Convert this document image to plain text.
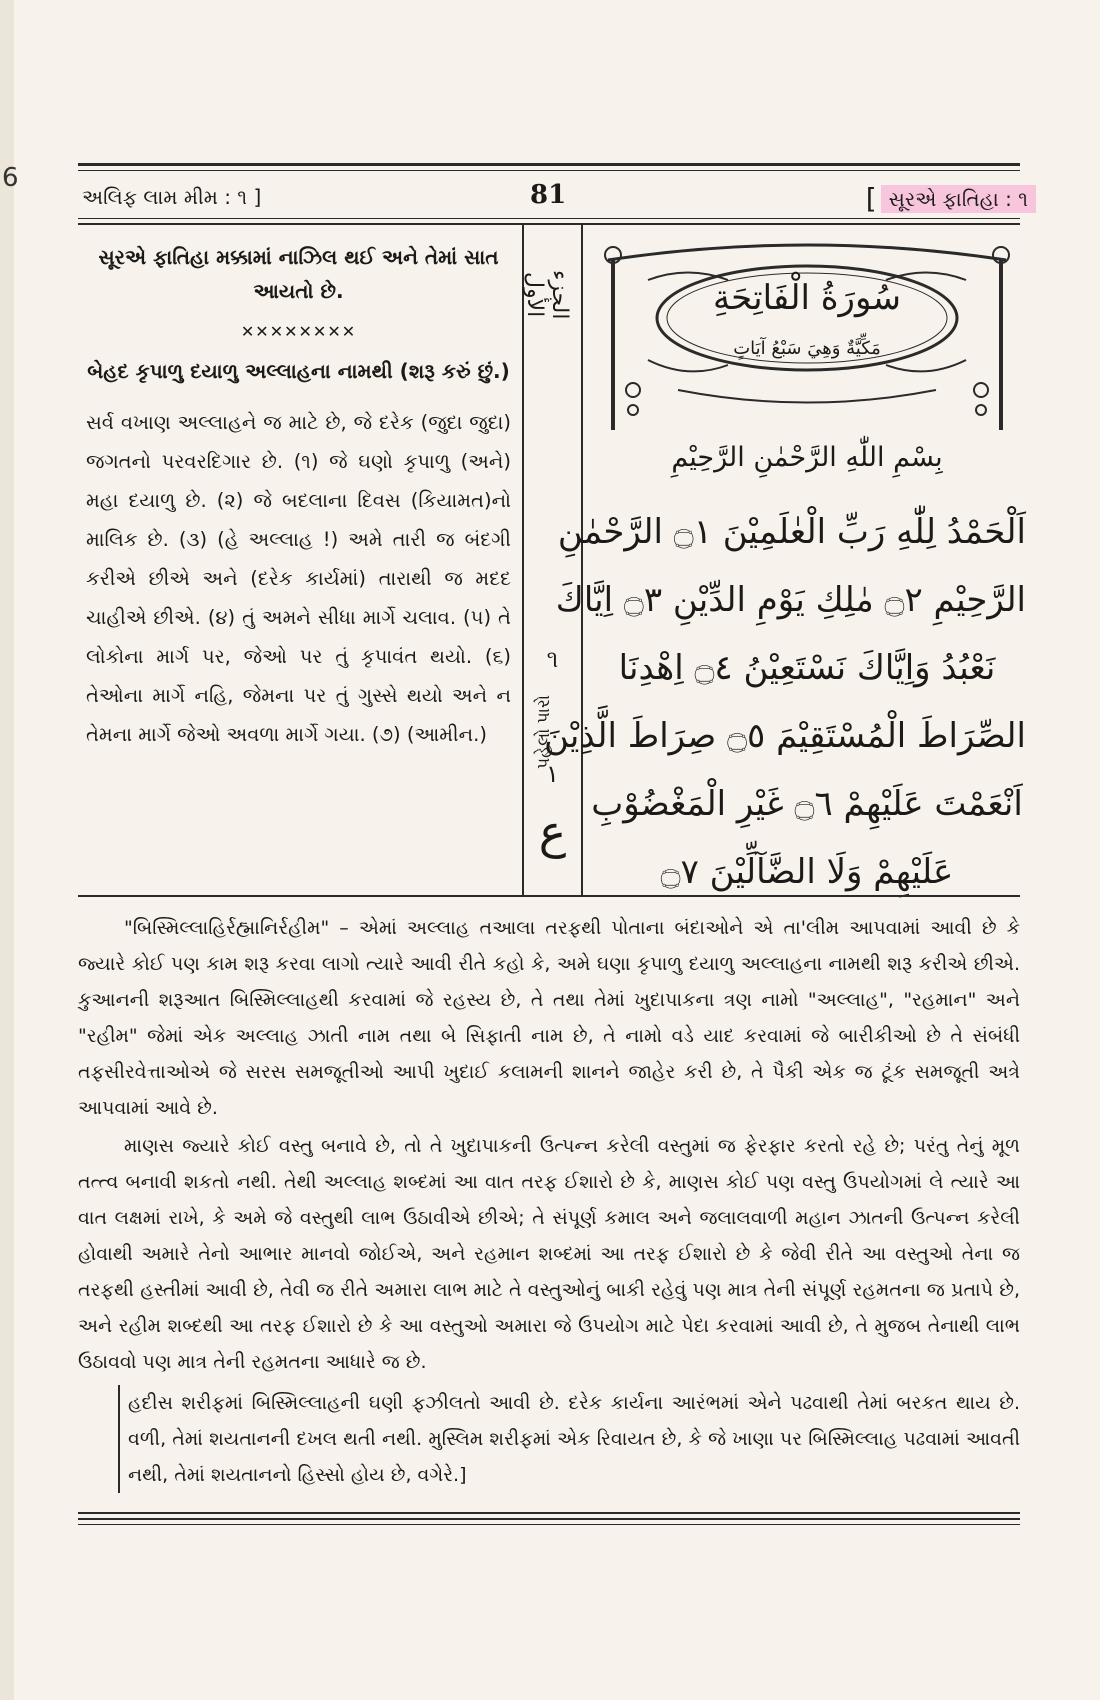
6
અલિફ લામ મીમ : ૧ ]	81	[ સૂરએ ફાતિહા : ૧
સૂરએ ફાતિહા મક્કામાં નાઝિલ થઈ અને તેમાં સાત આયતો છે.
✕✕✕✕✕✕✕✕
બેહદ કૃપાળુ દયાળુ અલ્લાહના નામથી (શરૂ કરું છું.)
સર્વ વખાણ અલ્લાહને જ માટે છે, જે દરેક (જુદા જુદા) જગતનો પરવરદિગાર છે. (૧) જે ઘણો કૃપાળુ (અને) મહા દયાળુ છે. (૨) જે બદલાના દિવસ (કિયામત)નો માલિક છે. (૩) (હે અલ્લાહ !) અમે તારી જ બંદગી કરીએ છીએ અને (દરેક કાર્યમાં) તારાથી જ મદદ ચાહીએ છીએ. (૪) તું અમને સીધા માર્ગે ચલાવ. (૫) તે લોકોના માર્ગ પર, જેઓ પર તું કૃપાવંત થયો. (૬) તેઓના માર્ગે નહિ, જેમના પર તું ગુસ્સે થયો અને ન તેમના માર્ગે જેઓ અવળા માર્ગે ગયા. (૭) (આમીન.)
الجزء الأول
૧
પહેલો પારો
١
ع
سُورَةُ الْفَاتِحَةِ
مَكِّيَّةٌ وَهِيَ سَبْعُ آيَاتٍ
بِسْمِ اللّٰهِ الرَّحْمٰنِ الرَّحِيْمِ
اَلْحَمْدُ لِلّٰهِ رَبِّ الْعٰلَمِيْنَ ۝١ الرَّحْمٰنِ
الرَّحِيْمِ ۝٢ مٰلِكِ يَوْمِ الدِّيْنِ ۝٣ اِيَّاكَ
نَعْبُدُ وَاِيَّاكَ نَسْتَعِيْنُ ۝٤ اِهْدِنَا
الصِّرَاطَ الْمُسْتَقِيْمَ ۝٥ صِرَاطَ الَّذِيْنَ
اَنْعَمْتَ عَلَيْهِمْ ۝٦ غَيْرِ الْمَغْضُوْبِ
عَلَيْهِمْ وَلَا الضَّآلِّيْنَ ۝٧
"બિસ્મિલ્લાહિર્રહ્માનિર્રહીમ" – એમાં અલ્લાહ તઆલા તરફથી પોતાના બંદાઓને એ તા'લીમ આપવામાં આવી છે કે જ્યારે કોઈ પણ કામ શરૂ કરવા લાગો ત્યારે આવી રીતે કહો કે, અમે ઘણા કૃપાળુ દયાળુ અલ્લાહના નામથી શરૂ કરીએ છીએ. કુઆનની શરૂઆત બિસ્મિલ્લાહથી કરવામાં જે રહસ્ય છે, તે તથા તેમાં ખુદાપાકના ત્રણ નામો "અલ્લાહ", "રહમાન" અને "રહીમ" જેમાં એક અલ્લાહ ઝાતી નામ તથા બે સિફાતી નામ છે, તે નામો વડે યાદ કરવામાં જે બારીકીઓ છે તે સંબંધી તફસીરવેત્તાઓએ જે સરસ સમજૂતીઓ આપી ખુદાઈ કલામની શાનને જાહેર કરી છે, તે પૈકી એક જ ટૂંક સમજૂતી અત્રે આપવામાં આવે છે.
માણસ જ્યારે કોઈ વસ્તુ બનાવે છે, તો તે ખુદાપાકની ઉત્પન્ન કરેલી વસ્તુમાં જ ફેરફાર કરતો રહે છે; પરંતુ તેનું મૂળ તત્ત્વ બનાવી શકતો નથી. તેથી અલ્લાહ શબ્દમાં આ વાત તરફ ઈશારો છે કે, માણસ કોઈ પણ વસ્તુ ઉપયોગમાં લે ત્યારે આ વાત લક્ષમાં રાખે, કે અમે જે વસ્તુથી લાભ ઉઠાવીએ છીએ; તે સંપૂર્ણ કમાલ અને જલાલવાળી મહાન ઝાતની ઉત્પન્ન કરેલી હોવાથી અમારે તેનો આભાર માનવો જોઈએ, અને રહમાન શબ્દમાં આ તરફ ઈશારો છે કે જેવી રીતે આ વસ્તુઓ તેના જ તરફથી હસ્તીમાં આવી છે, તેવી જ રીતે અમારા લાભ માટે તે વસ્તુઓનું બાકી રહેવું પણ માત્ર તેની સંપૂર્ણ રહમતના જ પ્રતાપે છે, અને રહીમ શબ્દથી આ તરફ ઈશારો છે કે આ વસ્તુઓ અમારા જે ઉપયોગ માટે પેદા કરવામાં આવી છે, તે મુજબ તેનાથી લાભ ઉઠાવવો પણ માત્ર તેની રહમતના આધારે જ છે.
હદીસ શરીફમાં બિસ્મિલ્લાહની ઘણી ફઝીલતો આવી છે. દરેક કાર્યના આરંભમાં એને પઢવાથી તેમાં બરકત થાય છે. વળી, તેમાં શયતાનની દખલ થતી નથી. મુસ્લિમ શરીફમાં એક રિવાયત છે, કે જે ખાણા પર બિસ્મિલ્લાહ પઢવામાં આવતી નથી, તેમાં શયતાનનો હિસ્સો હોય છે, વગેરે.]
